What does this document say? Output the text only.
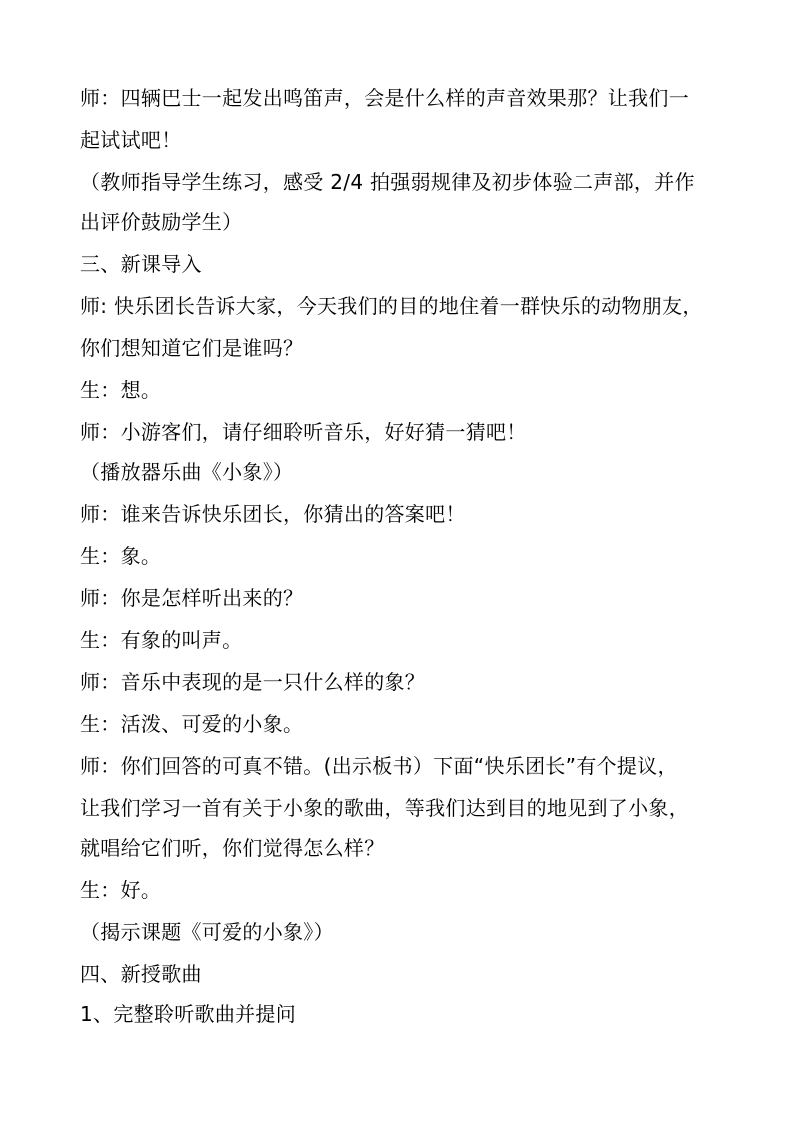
师：四辆巴士一起发出鸣笛声，会是什么样的声音效果那？让我们一
起试试吧！
（教师指导学生练习，感受 2/4 拍强弱规律及初步体验二声部，并作
出评价鼓励学生）
三、新课导入
师: 快乐团长告诉大家，今天我们的目的地住着一群快乐的动物朋友，
你们想知道它们是谁吗？
生：想。
师：小游客们，请仔细聆听音乐，好好猜一猜吧！
（播放器乐曲《小象》）
师：谁来告诉快乐团长，你猜出的答案吧！
生：象。
师：你是怎样听出来的？
生：有象的叫声。
师：音乐中表现的是一只什么样的象？
生：活泼、可爱的小象。
师：你们回答的可真不错。(出示板书）下面“快乐团长”有个提议，
让我们学习一首有关于小象的歌曲，等我们达到目的地见到了小象，
就唱给它们听，你们觉得怎么样？
生：好。
（揭示课题《可爱的小象》）
四、新授歌曲
1、完整聆听歌曲并提问
